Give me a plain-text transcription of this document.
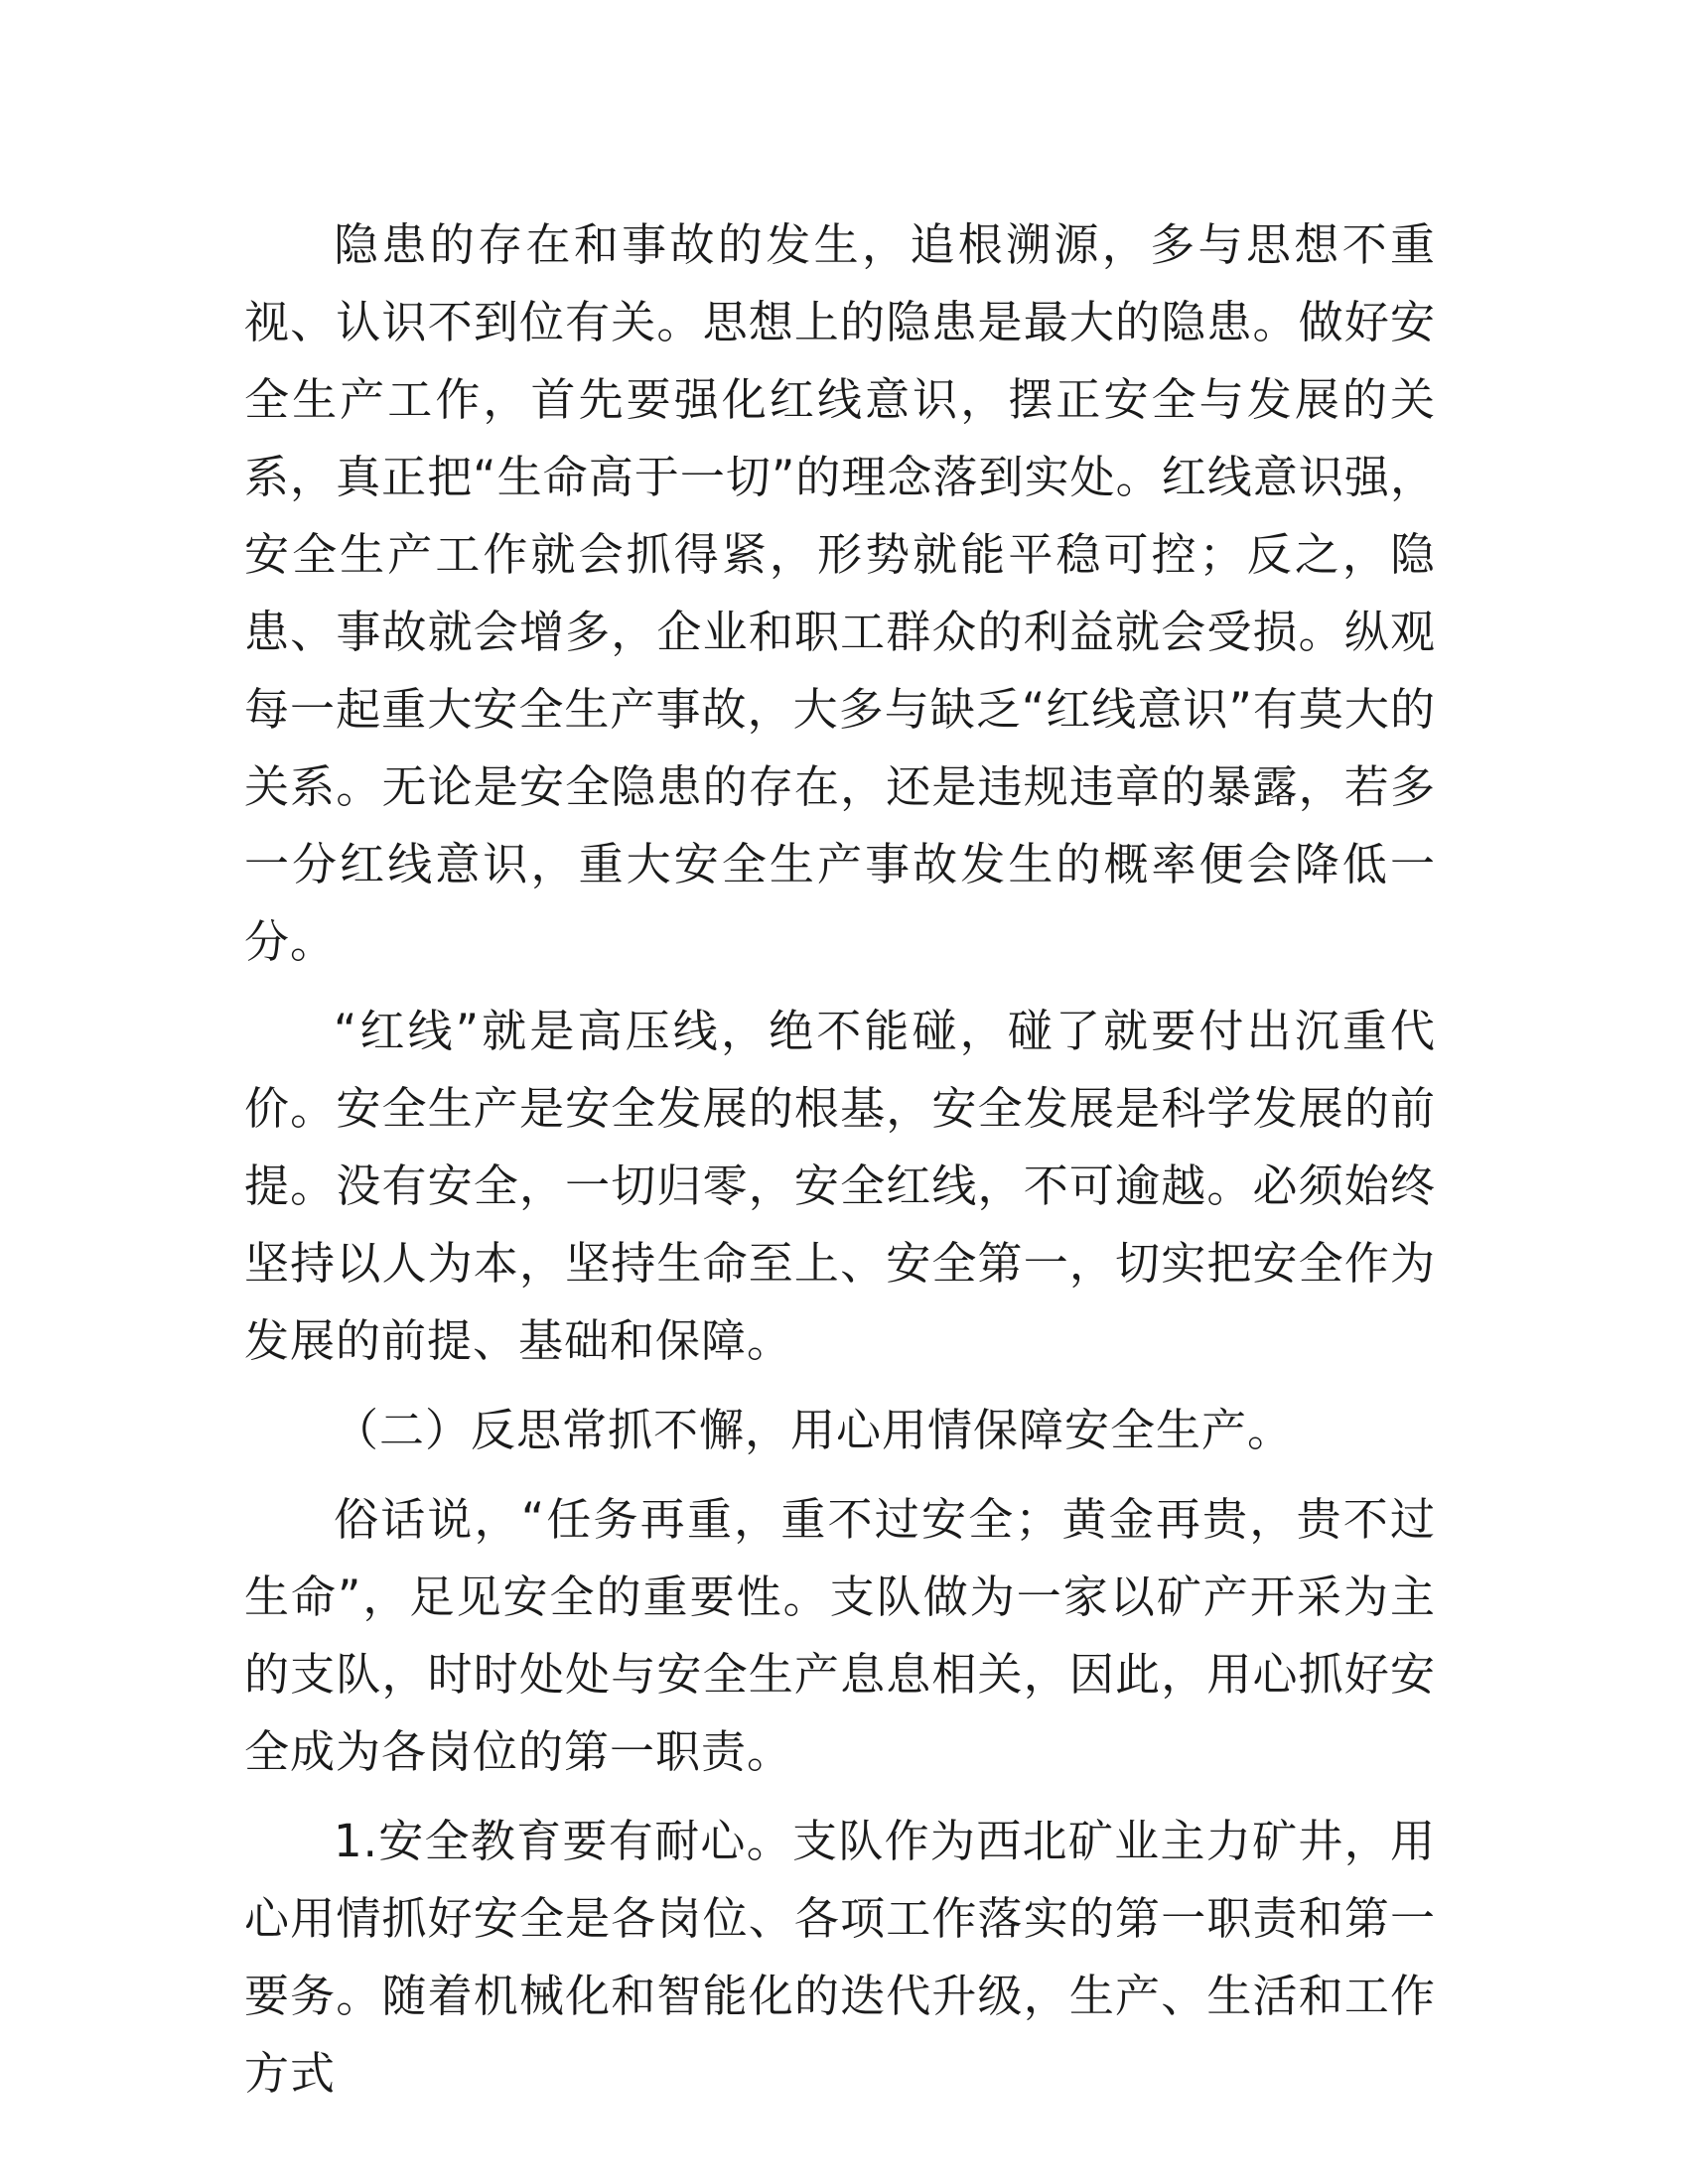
隐患的存在和事故的发生，追根溯源，多与思想不重视、认识不到位有关。思想上的隐患是最大的隐患。做好安全生产工作，首先要强化红线意识，摆正安全与发展的关系，真正把“生命高于一切”的理念落到实处。红线意识强，安全生产工作就会抓得紧，形势就能平稳可控；反之，隐患、事故就会增多，企业和职工群众的利益就会受损。纵观每一起重大安全生产事故，大多与缺乏“红线意识”有莫大的关系。无论是安全隐患的存在，还是违规违章的暴露，若多一分红线意识，重大安全生产事故发生的概率便会降低一分。

“红线”就是高压线，绝不能碰，碰了就要付出沉重代价。安全生产是安全发展的根基，安全发展是科学发展的前提。没有安全，一切归零，安全红线，不可逾越。必须始终坚持以人为本，坚持生命至上、安全第一，切实把安全作为发展的前提、基础和保障。

（二）反思常抓不懈，用心用情保障安全生产。

俗话说，“任务再重，重不过安全；黄金再贵，贵不过生命”，足见安全的重要性。支队做为一家以矿产开采为主的支队，时时处处与安全生产息息相关，因此，用心抓好安全成为各岗位的第一职责。

1.安全教育要有耐心。支队作为西北矿业主力矿井，用心用情抓好安全是各岗位、各项工作落实的第一职责和第一要务。随着机械化和智能化的迭代升级，生产、生活和工作方式
